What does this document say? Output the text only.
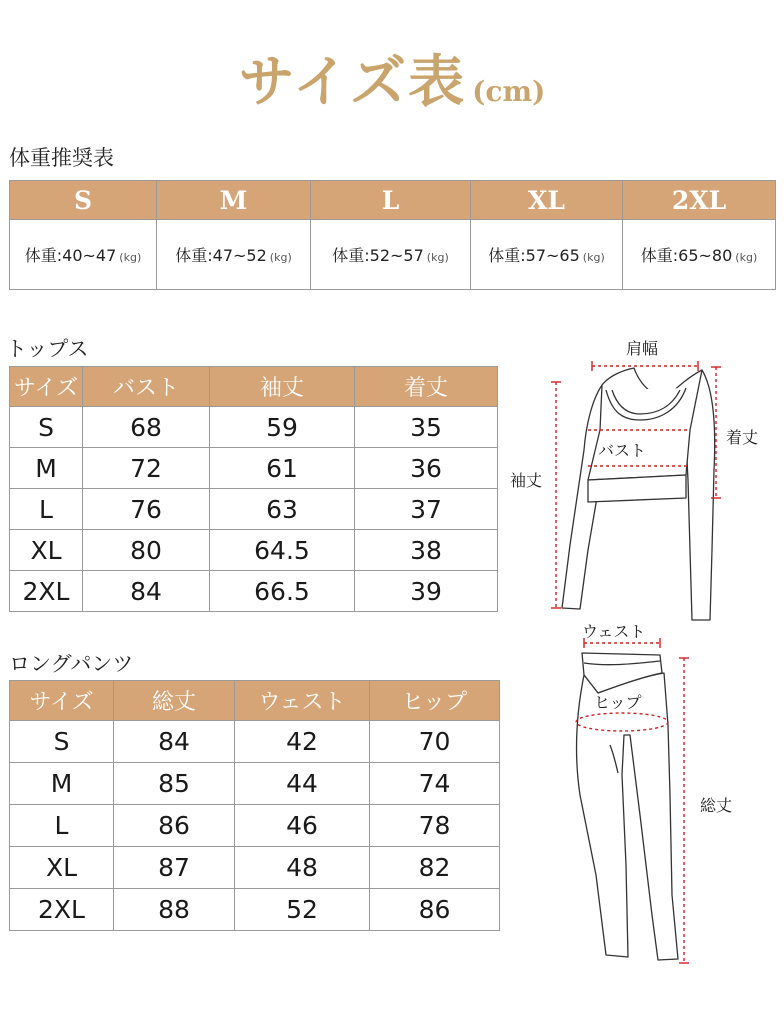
サイズ表 (cm)
体重推奨表
S	M	L	XL	2XL
体重:40~47 (kg)	体重:47~52 (kg)	体重:52~57 (kg)	体重:57~65 (kg)	体重:65~80 (kg)
トップス
サイズ	バスト	袖丈	着丈
S	68	59	35
M	72	61	36
L	76	63	37
XL	80	64.5	38
2XL	84	66.5	39
肩幅
着丈
バスト
袖丈
ロングパンツ
サイズ	総丈	ウェスト	ヒップ
S	84	42	70
M	85	44	74
L	86	46	78
XL	87	48	82
2XL	88	52	86
ウェスト
ヒップ
総丈
